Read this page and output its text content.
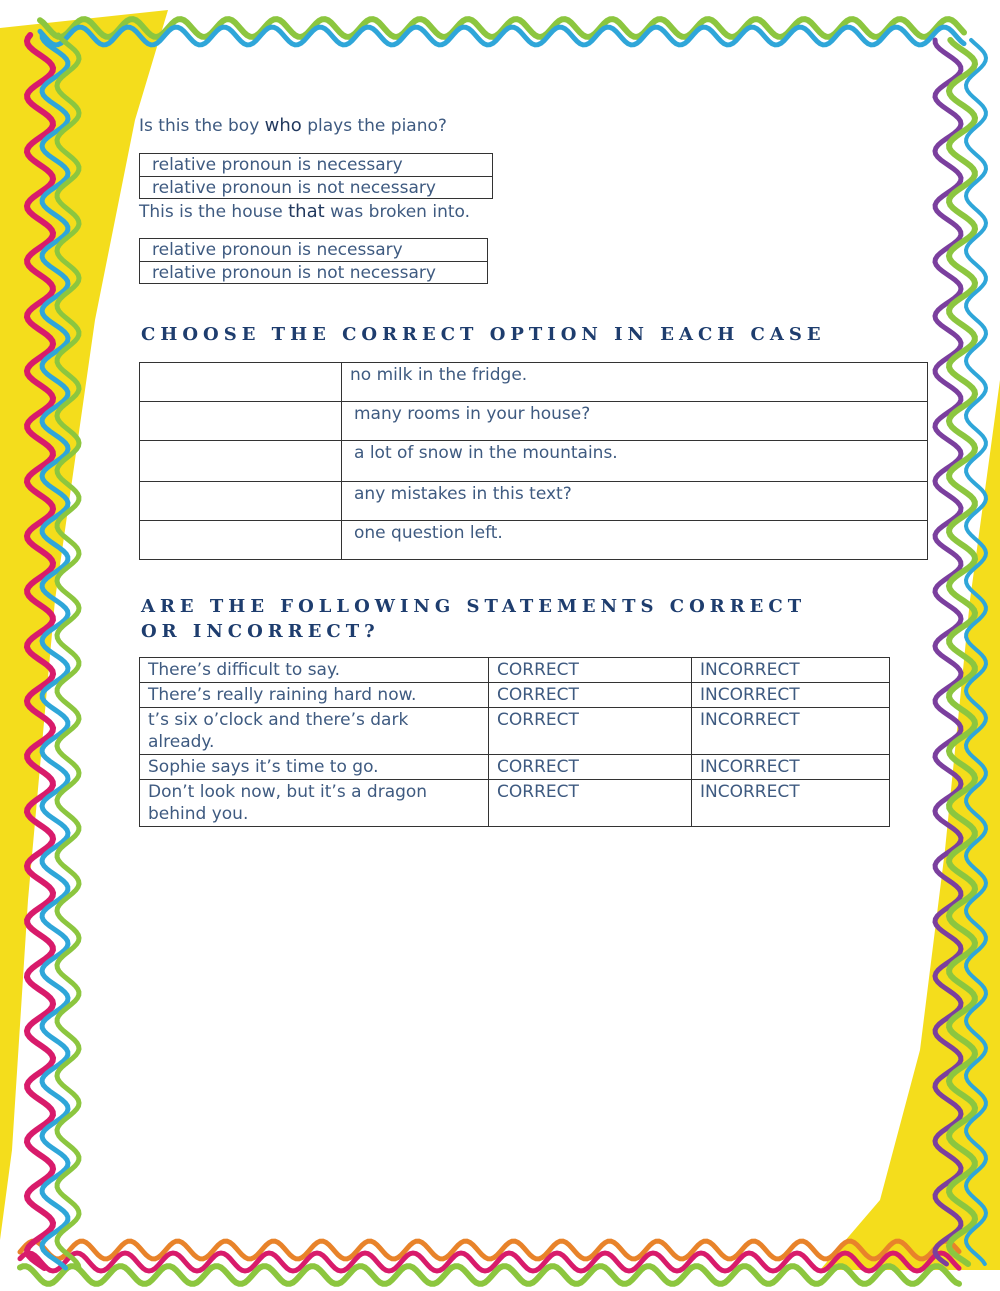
Is this the boy who plays the piano?
relative pronoun is necessary
relative pronoun is not necessary
This is the house that was broken into.
relative pronoun is necessary
relative pronoun is not necessary
CHOOSE THE CORRECT OPTION IN EACH CASE
	no milk in the fridge.
	many rooms in your house?
	a lot of snow in the mountains.
	any mistakes in this text?
	one question left.
ARE THE FOLLOWING STATEMENTS CORRECT
OR INCORRECT?
There’s difficult to say.	CORRECT	INCORRECT
There’s really raining hard now.	CORRECT	INCORRECT
t’s six o’clock and there’s dark already.	CORRECT	INCORRECT
Sophie says it’s time to go.	CORRECT	INCORRECT
Don’t look now, but it’s a dragon behind you.	CORRECT	INCORRECT
